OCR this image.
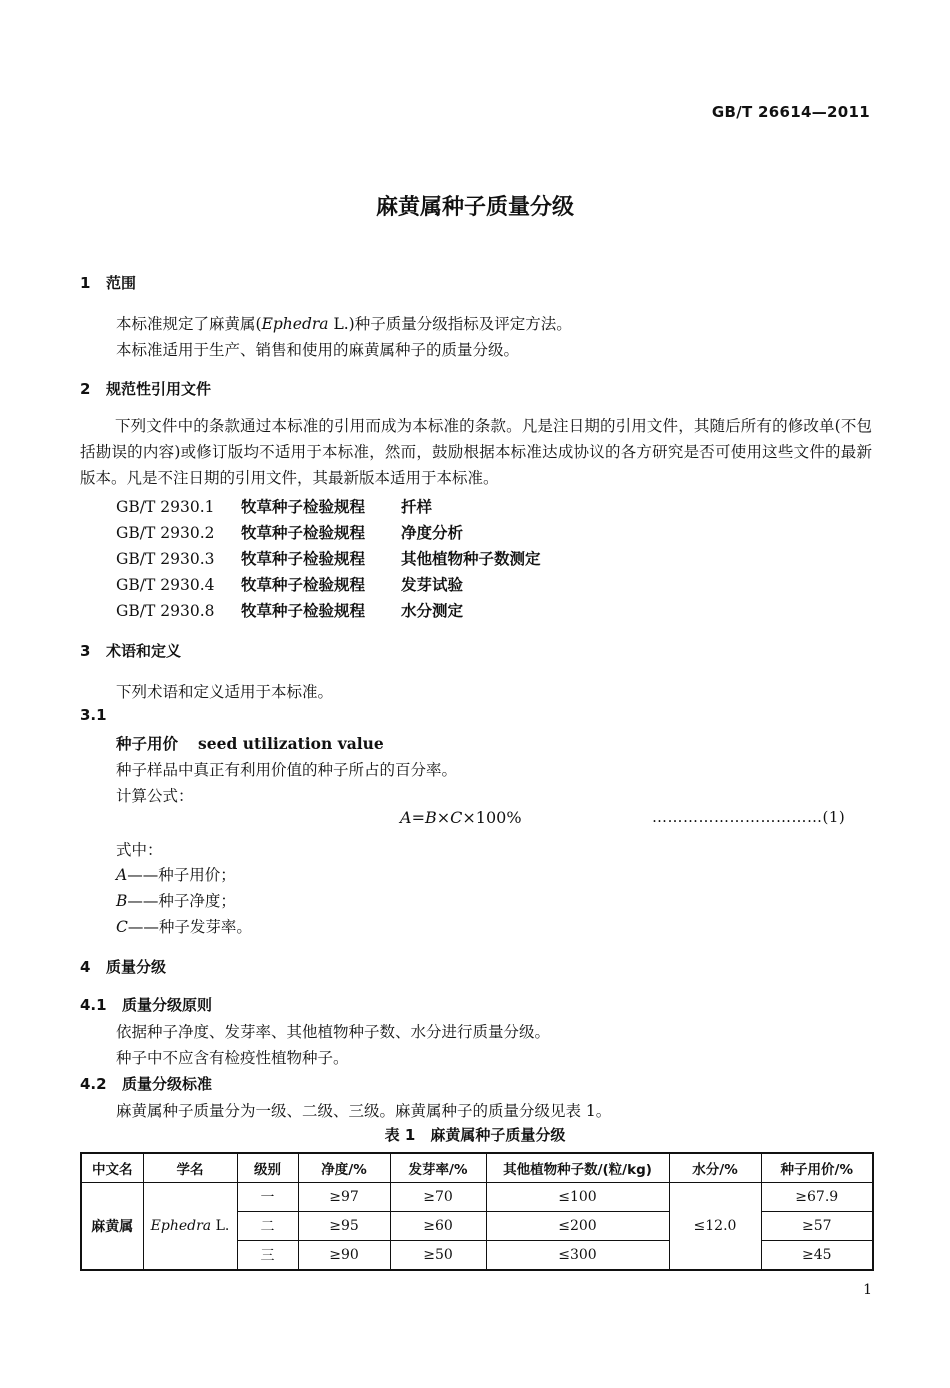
GB/T 26614—2011
麻黄属种子质量分级
1 范围
本标准规定了麻黄属(Ephedra L.)种子质量分级指标及评定方法。
本标准适用于生产、销售和使用的麻黄属种子的质量分级。
2 规范性引用文件
下列文件中的条款通过本标准的引用而成为本标准的条款。凡是注日期的引用文件，其随后所有的修改单(不包括勘误的内容)或修订版均不适用于本标准，然而，鼓励根据本标准达成协议的各方研究是否可使用这些文件的最新版本。凡是不注日期的引用文件，其最新版本适用于本标准。
GB/T 2930.1 牧草种子检验规程 扦样
GB/T 2930.2 牧草种子检验规程 净度分析
GB/T 2930.3 牧草种子检验规程 其他植物种子数测定
GB/T 2930.4 牧草种子检验规程 发芽试验
GB/T 2930.8 牧草种子检验规程 水分测定
3 术语和定义
下列术语和定义适用于本标准。
3.1
种子用价 seed utilization value
种子样品中真正有利用价值的种子所占的百分率。
计算公式：
A=B×C×100%	……………………………(1)
式中：
A——种子用价；
B——种子净度；
C——种子发芽率。
4 质量分级
4.1 质量分级原则
依据种子净度、发芽率、其他植物种子数、水分进行质量分级。
种子中不应含有检疫性植物种子。
4.2 质量分级标准
麻黄属种子质量分为一级、二级、三级。麻黄属种子的质量分级见表 1。
表 1　麻黄属种子质量分级
中文名	学名	级别	净度/%	发芽率/%	其他植物种子数/(粒/kg)	水分/%	种子用价/%
麻黄属	Ephedra L.	一	≥97	≥70	≤100	≤12.0	≥67.9
		二	≥95	≥60	≤200		≥57
		三	≥90	≥50	≤300		≥45
1
